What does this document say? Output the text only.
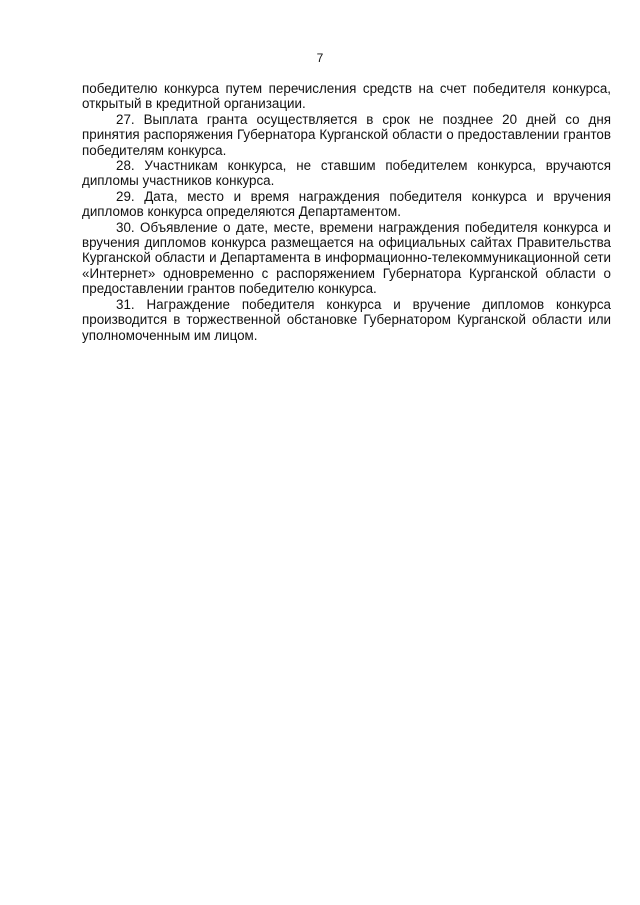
7

победителю конкурса путем перечисления средств на счет победителя конкурса, открытый в кредитной организации.

27. Выплата гранта осуществляется в срок не позднее 20 дней со дня принятия распоряжения Губернатора Курганской области о предоставлении грантов победителям конкурса.

28. Участникам конкурса, не ставшим победителем конкурса, вручаются дипломы участников конкурса.

29. Дата, место и время награждения победителя конкурса и вручения дипломов конкурса определяются Департаментом.

30. Объявление о дате, месте, времени награждения победителя конкурса и вручения дипломов конкурса размещается на официальных сайтах Правительства Курганской области и Департамента в информационно-телекоммуникационной сети «Интернет» одновременно с распоряжением Губернатора Курганской области о предоставлении грантов победителю конкурса.

31. Награждение победителя конкурса и вручение дипломов конкурса производится в торжественной обстановке Губернатором Курганской области или уполномоченным им лицом.
